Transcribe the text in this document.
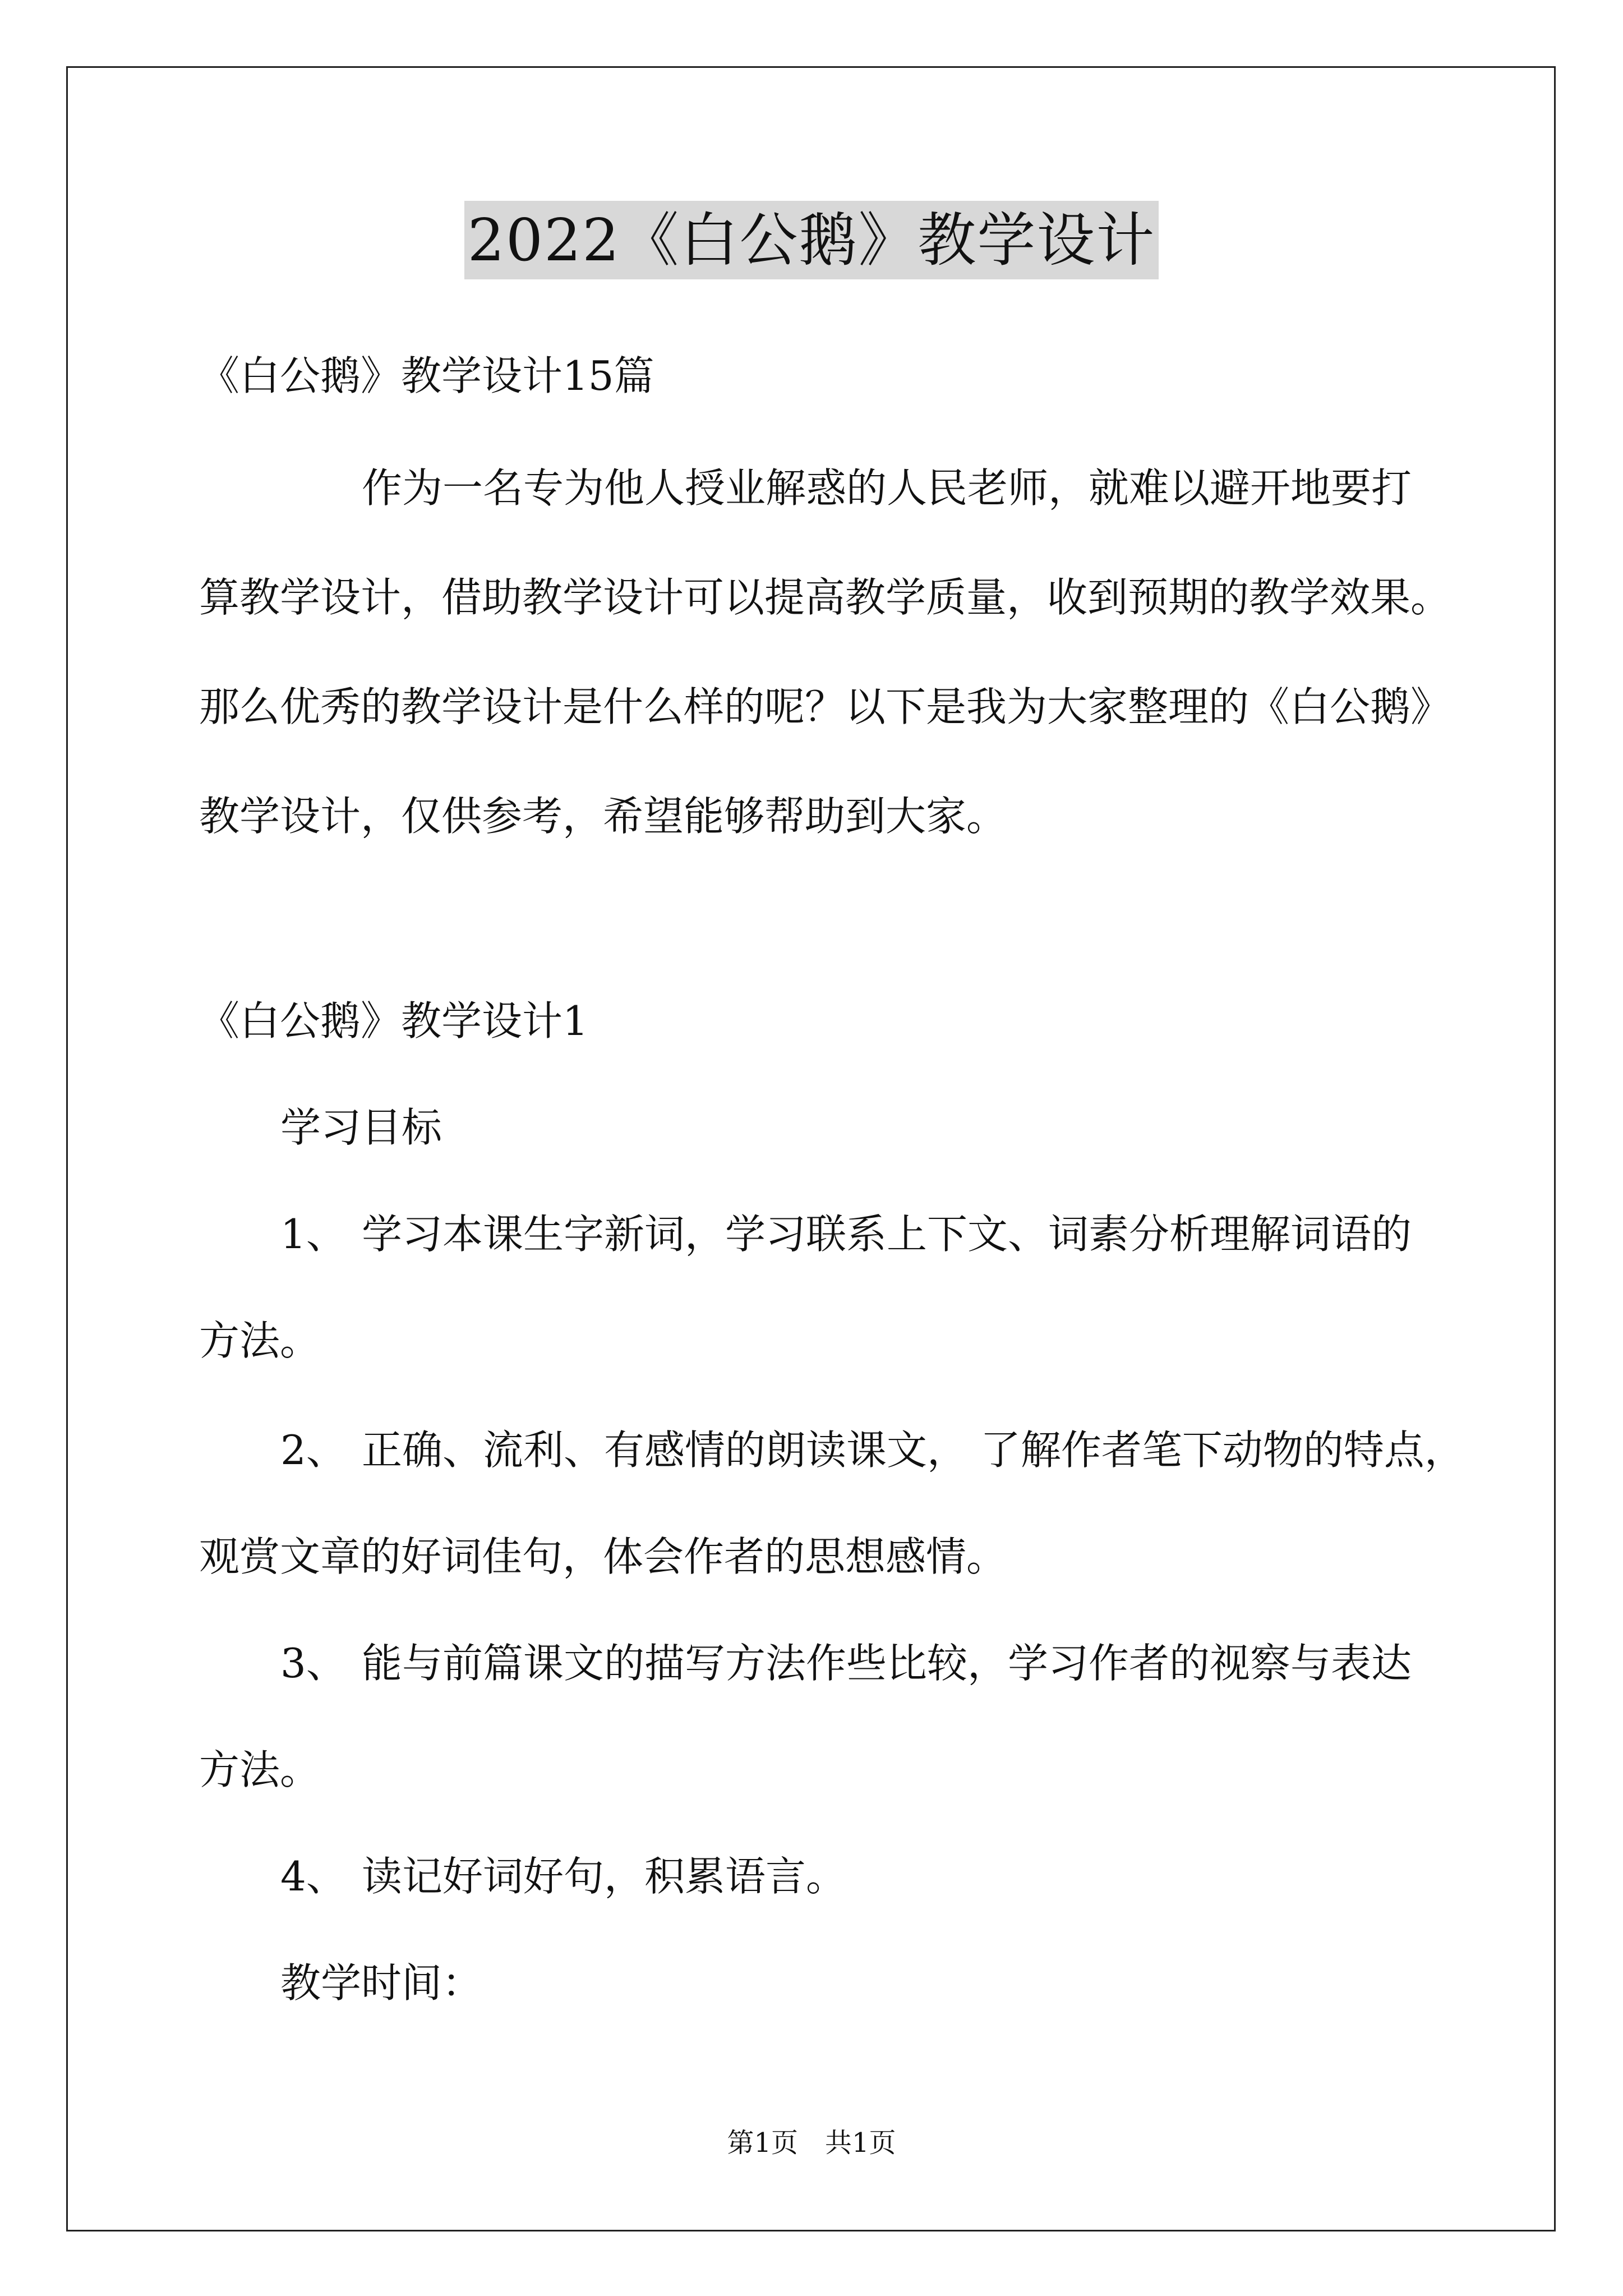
2022《白公鹅》教学设计
《白公鹅》教学设计15篇
作为一名专为他人授业解惑的人民老师，就难以避开地要打
算教学设计，借助教学设计可以提高教学质量，收到预期的教学效果。
那么优秀的教学设计是什么样的呢？以下是我为大家整理的《白公鹅》
教学设计，仅供参考，希望能够帮助到大家。
《白公鹅》教学设计1
学习目标
1、 学习本课生字新词，学习联系上下文、词素分析理解词语的
方法。
2、 正确、流利、有感情的朗读课文， 了解作者笔下动物的特点，
观赏文章的好词佳句，体会作者的思想感情。
3、 能与前篇课文的描写方法作些比较，学习作者的视察与表达
方法。
4、 读记好词好句，积累语言。
教学时间：
第1页　共1页
